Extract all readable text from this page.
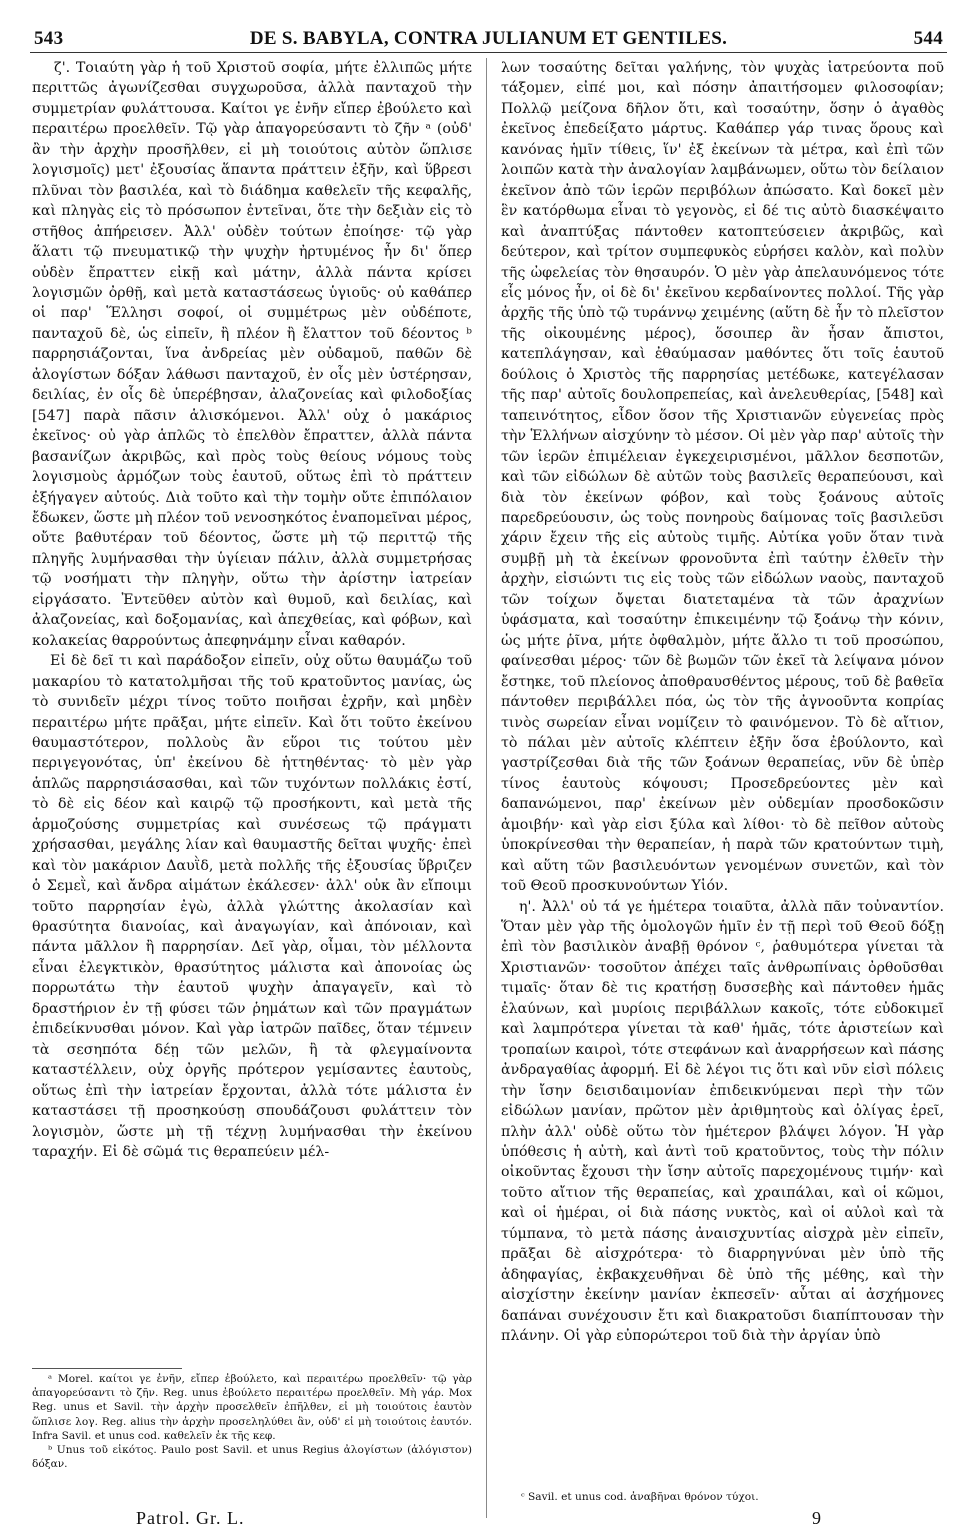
543	DE S. BABYLA, CONTRA JULIANUM ET GENTILES.	544

ζ'. Τοιαύτη γὰρ ἡ τοῦ Χριστοῦ σοφία, μήτε ἐλλιπῶς μήτε περιττῶς ἀγωνίζεσθαι συγχωροῦσα, ἀλλὰ πανταχοῦ τὴν συμμετρίαν φυλάττουσα. Καίτοι γε ἐνῆν εἴπερ ἐβούλετο καὶ περαιτέρω προελθεῖν. Τῷ γὰρ ἀπαγορεύσαντι τὸ ζῆν ᵃ (οὐδ' ἂν τὴν ἀρχὴν προσῆλθεν, εἰ μὴ τοιούτοις αὐτὸν ὥπλισε λογισμοῖς) μετ' ἐξουσίας ἅπαντα πράττειν ἐξῆν, καὶ ὕβρεσι πλῦναι τὸν βασιλέα, καὶ τὸ διάδημα καθελεῖν τῆς κεφαλῆς, καὶ πληγὰς εἰς τὸ πρόσωπον ἐντεῖναι, ὅτε τὴν δεξιὰν εἰς τὸ στῆθος ἀπήρεισεν. Ἀλλ' οὐδὲν τούτων ἐποίησε· τῷ γὰρ ἅλατι τῷ πνευματικῷ τὴν ψυχὴν ἠρτυμένος ἦν δι' ὅπερ οὐδὲν ἔπραττεν εἰκῇ καὶ μάτην, ἀλλὰ πάντα κρίσει λογισμῶν ὀρθῇ, καὶ μετὰ καταστάσεως ὑγιοῦς· οὐ καθάπερ οἱ παρ' Ἕλλησι σοφοί, οἱ συμμέτρως μὲν οὐδέποτε, πανταχοῦ δὲ, ὡς εἰπεῖν, ἢ πλέον ἢ ἔλαττον τοῦ δέοντος ᵇ παρρησιάζονται, ἵνα ἀνδρείας μὲν οὐδαμοῦ, παθῶν δὲ ἀλογίστων δόξαν λάθωσι πανταχοῦ, ἐν οἷς μὲν ὑστέρησαν, δειλίας, ἐν οἷς δὲ ὑπερέβησαν, ἀλαζονείας καὶ φιλοδοξίας [547] παρὰ πᾶσιν ἁλισκόμενοι. Ἀλλ' οὐχ ὁ μακάριος ἐκεῖνος· οὐ γὰρ ἁπλῶς τὸ ἐπελθὸν ἔπραττεν, ἀλλὰ πάντα βασανίζων ἀκριβῶς, καὶ πρὸς τοὺς θείους νόμους τοὺς λογισμοὺς ἁρμόζων τοὺς ἑαυτοῦ, οὕτως ἐπὶ τὸ πράττειν ἐξήγαγεν αὐτούς. Διὰ τοῦτο καὶ τὴν τομὴν οὔτε ἐπιπόλαιον ἔδωκεν, ὥστε μὴ πλέον τοῦ νενοσηκότος ἐναπομεῖναι μέρος, οὔτε βαθυτέραν τοῦ δέοντος, ὥστε μὴ τῷ περιττῷ τῆς πληγῆς λυμήνασθαι τὴν ὑγίειαν πάλιν, ἀλλὰ συμμετρήσας τῷ νοσήματι τὴν πληγὴν, οὕτω τὴν ἀρίστην ἰατρείαν εἰργάσατο. Ἐντεῦθεν αὐτὸν καὶ θυμοῦ, καὶ δειλίας, καὶ ἀλαζονείας, καὶ δοξομανίας, καὶ ἀπεχθείας, καὶ φόβων, καὶ κολακείας θαρρούντως ἀπεφηνάμην εἶναι καθαρόν.

Εἰ δὲ δεῖ τι καὶ παράδοξον εἰπεῖν, οὐχ οὕτω θαυμάζω τοῦ μακαρίου τὸ κατατολμῆσαι τῆς τοῦ κρατοῦντος μανίας, ὡς τὸ συνιδεῖν μέχρι τίνος τοῦτο ποιῆσαι ἐχρῆν, καὶ μηδὲν περαιτέρω μήτε πρᾶξαι, μήτε εἰπεῖν. Καὶ ὅτι τοῦτο ἐκείνου θαυμαστότερον, πολλοὺς ἂν εὕροι τις τούτου μὲν περιγεγονότας, ὑπ' ἐκείνου δὲ ἡττηθέντας· τὸ μὲν γὰρ ἁπλῶς παρρησιάσασθαι, καὶ τῶν τυχόντων πολλάκις ἐστί, τὸ δὲ εἰς δέον καὶ καιρῷ τῷ προσήκοντι, καὶ μετὰ τῆς ἁρμοζούσης συμμετρίας καὶ συνέσεως τῷ πράγματι χρήσασθαι, μεγάλης λίαν καὶ θαυμαστῆς δεῖται ψυχῆς· ἐπεὶ καὶ τὸν μακάριον Δαυῒδ, μετὰ πολλῆς τῆς ἐξουσίας ὕβριζεν ὁ Σεμεῒ, καὶ ἄνδρα αἱμάτων ἐκάλεσεν· ἀλλ' οὐκ ἂν εἴποιμι τοῦτο παρρησίαν ἐγὼ, ἀλλὰ γλώττης ἀκολασίαν καὶ θρασύτητα διανοίας, καὶ ἀναγωγίαν, καὶ ἀπόνοιαν, καὶ πάντα μᾶλλον ἢ παρρησίαν. Δεῖ γὰρ, οἶμαι, τὸν μέλλοντα εἶναι ἐλεγκτικὸν, θρασύτητος μάλιστα καὶ ἀπονοίας ὡς πορρωτάτω τὴν ἑαυτοῦ ψυχὴν ἀπαγαγεῖν, καὶ τὸ δραστήριον ἐν τῇ φύσει τῶν ῥημάτων καὶ τῶν πραγμάτων ἐπιδείκνυσθαι μόνον. Καὶ γὰρ ἰατρῶν παῖδες, ὅταν τέμνειν τὰ σεσηπότα δέῃ τῶν μελῶν, ἢ τὰ φλεγμαίνοντα καταστέλλειν, οὐχ ὀργῆς πρότερον γεμίσαντες ἑαυτοὺς, οὕτως ἐπὶ τὴν ἰατρείαν ἔρχονται, ἀλλὰ τότε μάλιστα ἐν καταστάσει τῇ προσηκούσῃ σπουδάζουσι φυλάττειν τὸν λογισμὸν, ὥστε μὴ τῇ τέχνῃ λυμήνασθαι τὴν ἐκείνου ταραχήν. Εἰ δὲ σῶμά τις θεραπεύειν μέλ-

λων τοσαύτης δεῖται γαλήνης, τὸν ψυχὰς ἰατρεύοντα ποῦ τάξομεν, εἰπέ μοι, καὶ πόσην ἀπαιτήσομεν φιλοσοφίαν; Πολλῷ μείζονα δῆλον ὅτι, καὶ τοσαύτην, ὅσην ὁ ἀγαθὸς ἐκεῖνος ἐπεδείξατο μάρτυς. Καθάπερ γάρ τινας ὅρους καὶ κανόνας ἡμῖν τίθεις, ἵν' ἐξ ἐκείνων τὰ μέτρα, καὶ ἐπὶ τῶν λοιπῶν κατὰ τὴν ἀναλογίαν λαμβάνωμεν, οὕτω τὸν δείλαιον ἐκεῖνον ἀπὸ τῶν ἱερῶν περιβόλων ἀπώσατο. Καὶ δοκεῖ μὲν ἓν κατόρθωμα εἶναι τὸ γεγονὸς, εἰ δέ τις αὐτὸ διασκέψαιτο καὶ ἀναπτύξας πάντοθεν κατοπτεύσειεν ἀκριβῶς, καὶ δεύτερον, καὶ τρίτον συμπεφυκὸς εὑρήσει καλὸν, καὶ πολὺν τῆς ὠφελείας τὸν θησαυρόν. Ὁ μὲν γὰρ ἀπελαυνόμενος τότε εἷς μόνος ἦν, οἱ δὲ δι' ἐκεῖνου κερδαίνοντες πολλοί. Τῆς γὰρ ἀρχῆς τῆς ὑπὸ τῷ τυράννῳ χειμένης (αὕτη δὲ ἦν τὸ πλεῖστον τῆς οἰκουμένης μέρος), ὅσοιπερ ἂν ἦσαν ἄπιστοι, κατεπλάγησαν, καὶ ἐθαύμασαν μαθόντες ὅτι τοῖς ἑαυτοῦ δούλοις ὁ Χριστὸς τῆς παρρησίας μετέδωκε, κατεγέλασαν τῆς παρ' αὐτοῖς δουλοπρεπείας, καὶ ἀνελευθερίας, [548] καὶ ταπεινότητος, εἶδον ὅσον τῆς Χριστιανῶν εὐγενείας πρὸς τὴν Ἑλλήνων αἰσχύνην τὸ μέσον. Οἱ μὲν γὰρ παρ' αὐτοῖς τὴν τῶν ἱερῶν ἐπιμέλειαν ἐγκεχειρισμένοι, μᾶλλον δεσποτῶν, καὶ τῶν εἰδώλων δὲ αὐτῶν τοὺς βασιλεῖς θεραπεύουσι, καὶ διὰ τὸν ἐκείνων φόβον, καὶ τοὺς ξοάνους αὐτοῖς παρεδρεύουσιν, ὡς τοὺς πονηροὺς δαίμονας τοῖς βασιλεῦσι χάριν ἔχειν τῆς εἰς αὐτοὺς τιμῆς. Αὐτίκα γοῦν ὅταν τινὰ συμβῇ μὴ τὰ ἐκείνων φρονοῦντα ἐπὶ ταύτην ἐλθεῖν τὴν ἀρχὴν, εἰσιώντι τις εἰς τοὺς τῶν εἰδώλων ναοὺς, πανταχοῦ τῶν τοίχων ὄψεται διατεταμένα τὰ τῶν ἀραχνίων ὑφάσματα, καὶ τοσαύτην ἐπικειμένην τῷ ξοάνῳ τὴν κόνιν, ὡς μήτε ῥῖνα, μήτε ὀφθαλμὸν, μήτε ἄλλο τι τοῦ προσώπου, φαίνεσθαι μέρος· τῶν δὲ βωμῶν τῶν ἐκεῖ τὰ λείψανα μόνον ἔστηκε, τοῦ πλείονος ἀποθραυσθέντος μέρους, τοῦ δὲ βαθεῖα πάντοθεν περιβάλλει πόα, ὡς τὸν τῆς ἀγνοοῦντα κοπρίας τινὸς σωρείαν εἶναι νομίζειν τὸ φαινόμενον. Τὸ δὲ αἴτιον, τὸ πάλαι μὲν αὐτοῖς κλέπτειν ἐξῆν ὅσα ἐβούλοντο, καὶ γαστρίζεσθαι διὰ τῆς τῶν ξοάνων θεραπείας, νῦν δὲ ὑπὲρ τίνος ἑαυτοὺς κόψουσι; Προσεδρεύοντες μὲν καὶ δαπανώμενοι, παρ' ἐκείνων μὲν οὐδεμίαν προσδοκῶσιν ἀμοιβήν· καὶ γὰρ εἰσι ξύλα καὶ λίθοι· τὸ δὲ πεῖθον αὐτοὺς ὑποκρίνεσθαι τὴν θεραπείαν, ἡ παρὰ τῶν κρατούντων τιμὴ, καὶ αὕτη τῶν βασιλευόντων γενομένων συνετῶν, καὶ τὸν τοῦ Θεοῦ προσκυνούντων Υἱόν.

η'. Ἀλλ' οὐ τά γε ἡμέτερα τοιαῦτα, ἀλλὰ πᾶν τοὐναντίον. Ὅταν μὲν γὰρ τῆς ὁμολογῶν ἡμῖν ἐν τῇ περὶ τοῦ Θεοῦ δόξῃ ἐπὶ τὸν βασιλικὸν ἀναβῇ θρόνον ᶜ, ῥαθυμότερα γίνεται τὰ Χριστιανῶν· τοσοῦτον ἀπέχει ταῖς ἀνθρωπίναις ὀρθοῦσθαι τιμαῖς· ὅταν δὲ τις κρατήσῃ δυσσεβὴς καὶ πάντοθεν ἡμᾶς ἐλαύνων, καὶ μυρίοις περιβάλλων κακοῖς, τότε εὐδοκιμεῖ καὶ λαμπρότερα γίνεται τὰ καθ' ἡμᾶς, τότε ἀριστείων καὶ τροπαίων καιροὶ, τότε στεφάνων καὶ ἀναρρήσεων καὶ πάσης ἀνδραγαθίας ἀφορμή. Εἰ δὲ λέγοι τις ὅτι καὶ νῦν εἰσὶ πόλεις τὴν ἴσην δεισιδαιμονίαν ἐπιδεικνύμεναι περὶ τὴν τῶν εἰδώλων μανίαν, πρῶτον μὲν ἀριθμητοὺς καὶ ὀλίγας ἐρεῖ, πλὴν ἀλλ' οὐδὲ οὕτω τὸν ἡμέτερον βλάψει λόγον. Ἡ γὰρ ὑπόθεσις ἡ αὐτὴ, καὶ ἀντὶ τοῦ κρατοῦντος, τοὺς τὴν πόλιν οἰκοῦντας ἔχουσι τὴν ἴσην αὐτοῖς παρεχομένους τιμήν· καὶ τοῦτο αἴτιον τῆς θεραπείας, καὶ χραιπάλαι, καὶ οἱ κῶμοι, καὶ οἱ ἡμέραι, οἱ διὰ πάσης νυκτὸς, καὶ οἱ αὐλοὶ καὶ τὰ τύμπανα, τὸ μετὰ πάσης ἀναισχυντίας αἰσχρὰ μὲν εἰπεῖν, πρᾶξαι δὲ αἰσχρότερα· τὸ διαρρηγνύναι μὲν ὑπὸ τῆς ἀδηφαγίας, ἐκβακχευθῆναι δὲ ὑπὸ τῆς μέθης, καὶ τὴν αἰσχίστην ἐκείνην μανίαν ἐκπεσεῖν· αὗται αἱ ἀσχήμονες δαπάναι συνέχουσιν ἔτι καὶ διακρατοῦσι διαπίπτουσαν τὴν πλάνην. Οἱ γὰρ εὐπορώτεροι τοῦ διὰ τὴν ἀργίαν ὑπὸ

ᵃ Morel. καίτοι γε ἐνῆν, εἴπερ ἐβούλετο, καὶ περαιτέρω προελθεῖν· τῷ γὰρ ἀπαγορεύσαντι τὸ ζῆν. Reg. unus ἐβούλετο περαιτέρω προελθεῖν. Μὴ γάρ. Mox Reg. unus et Savil. τὴν ἀρχὴν προσελθεῖν ἐπῆλθεν, εἰ μὴ τοιούτοις ἑαυτὸν ὥπλισε λογ. Reg. alius τὴν ἀρχὴν προσεληλύθει ἂν, οὐδ' εἰ μὴ τοιούτοις ἑαυτόν. Infra Savil. et unus cod. καθελεῖν ἐκ τῆς κεφ.

ᵇ Unus τοῦ εἰκότος. Paulo post Savil. et unus Regius ἀλογίστων (ἀλόγιστον) δόξαν.

ᶜ Savil. et unus cod. ἀναβῆναι θρόνον τύχοι.

Patrol. Gr. L.	9
